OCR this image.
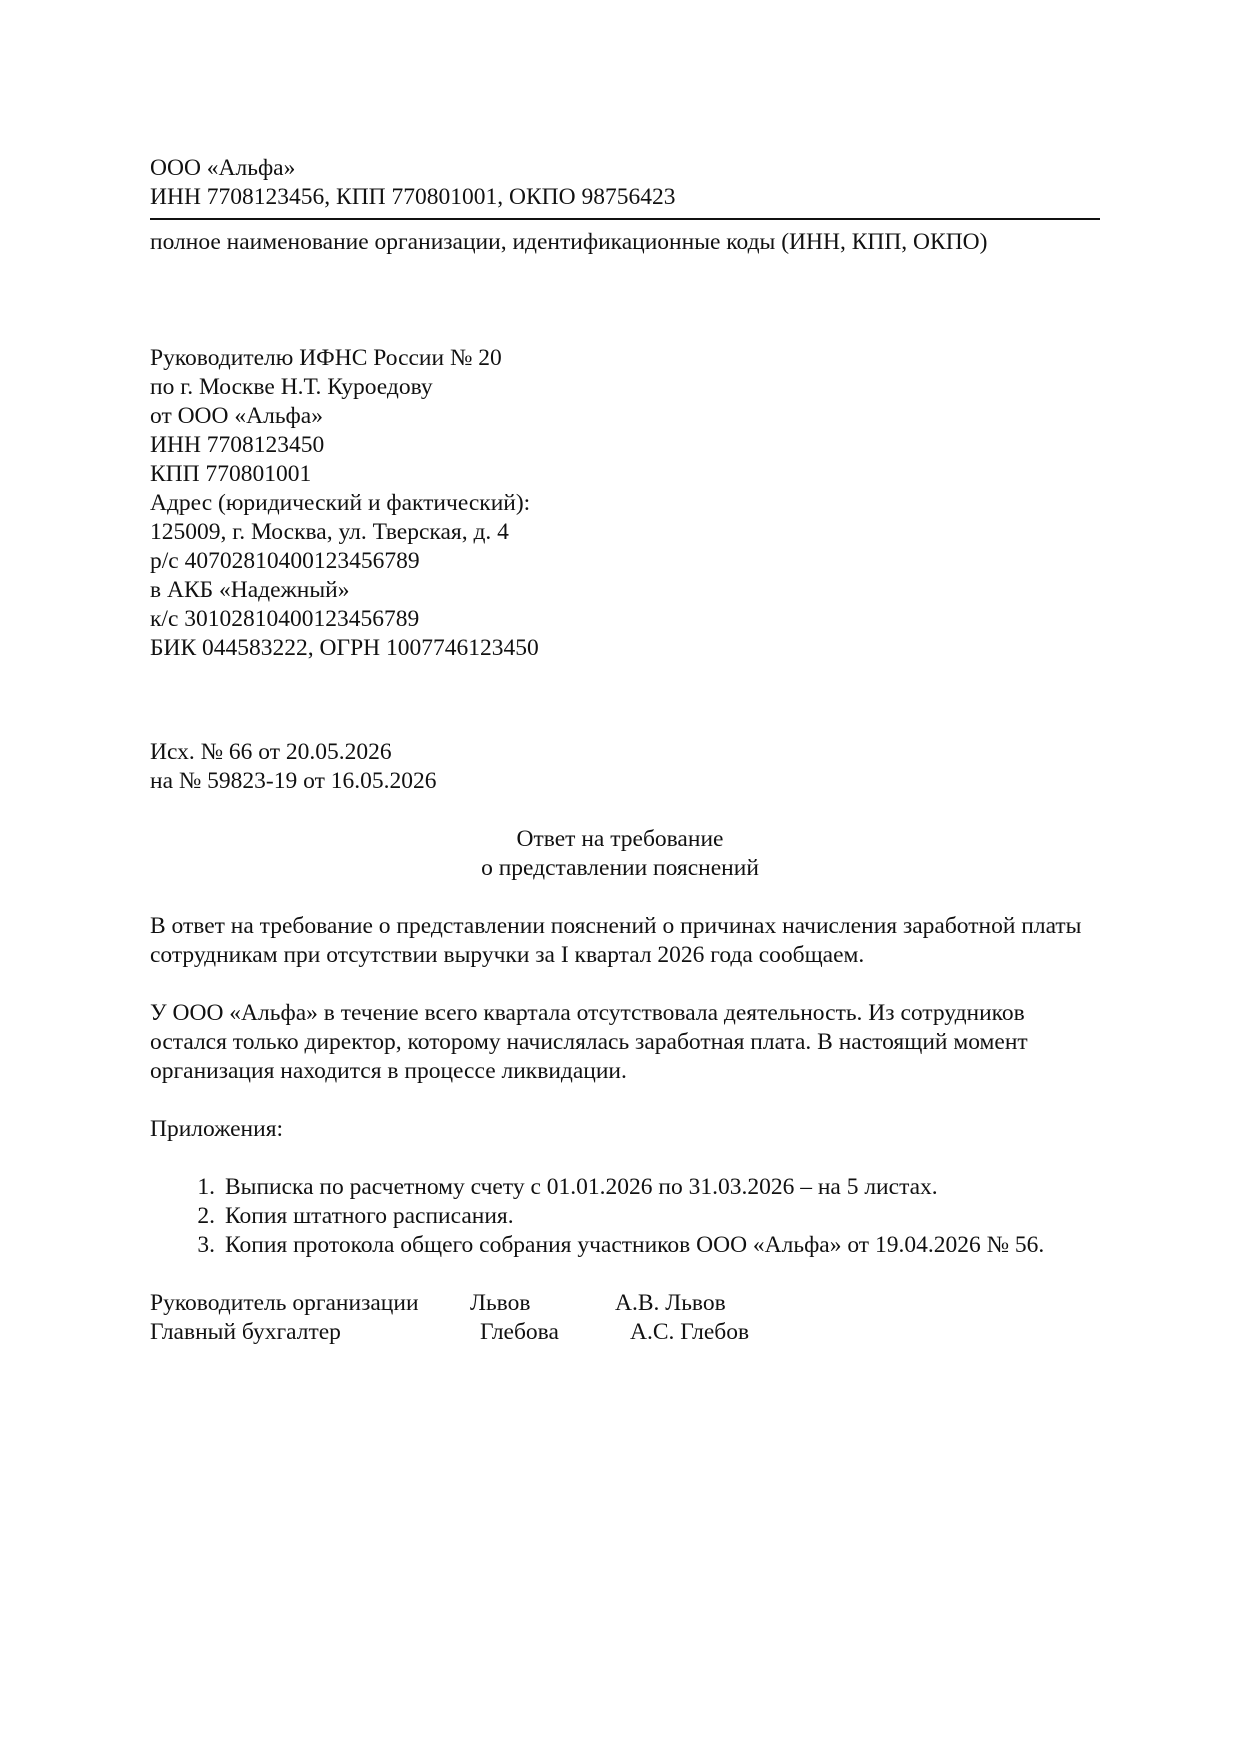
ООО «Альфа»
ИНН 7708123456, КПП 770801001, ОКПО 98756423
полное наименование организации, идентификационные коды (ИНН, КПП, ОКПО)
Руководителю ИФНС России № 20
по г. Москве Н.Т. Куроедову
от ООО «Альфа»
ИНН 7708123450
КПП 770801001
Адрес (юридический и фактический):
125009, г. Москва, ул. Тверская, д. 4
р/с 40702810400123456789
в АКБ «Надежный»
к/с 30102810400123456789
БИК 044583222, ОГРН 1007746123450
Исх. № 66 от 20.05.2026
на № 59823-19 от 16.05.2026
Ответ на требование
о представлении пояснений
В ответ на требование о представлении пояснений о причинах начисления заработной платы сотрудникам при отсутствии выручки за I квартал 2026 года сообщаем.
У ООО «Альфа» в течение всего квартала отсутствовала деятельность. Из сотрудников остался только директор, которому начислялась заработная плата. В настоящий момент организация находится в процессе ликвидации.
Приложения:
1. Выписка по расчетному счету с 01.01.2026 по 31.03.2026 – на 5 листах.
2. Копия штатного расписания.
3. Копия протокола общего собрания участников ООО «Альфа» от 19.04.2026 № 56.
Руководитель организации	Львов	А.В. Львов
Главный бухгалтер	Глебова	А.С. Глебов
